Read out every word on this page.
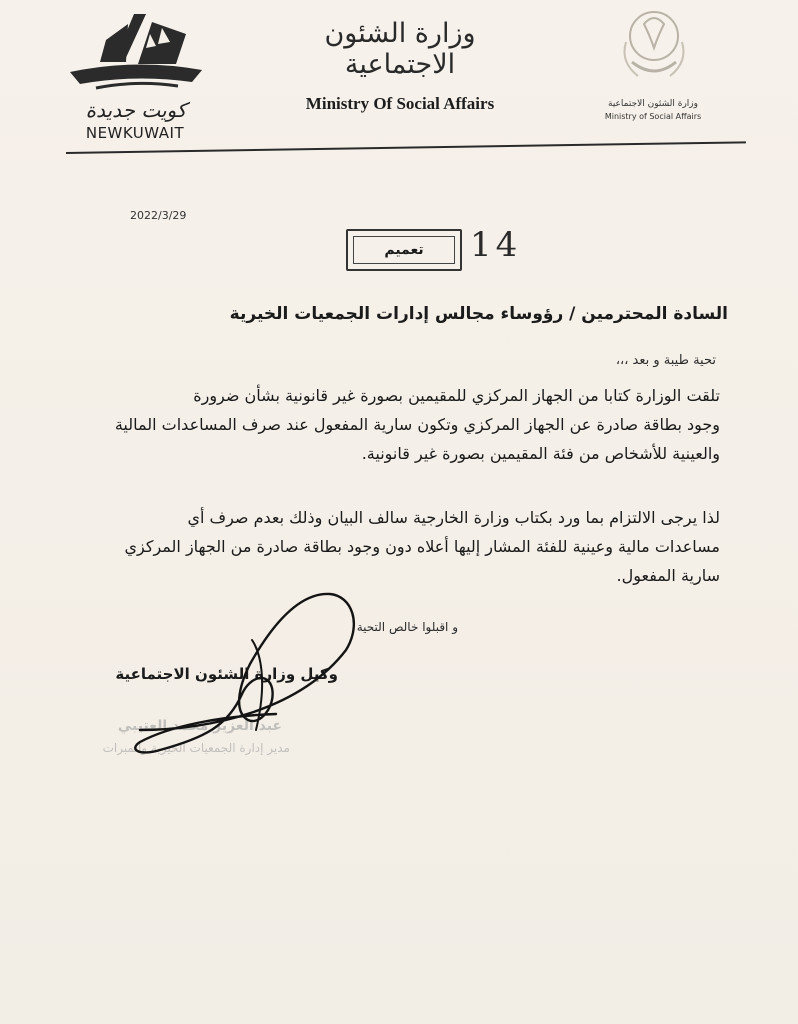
كويت جديدة
NEWKUWAIT
وزارة الشئون الاجتماعية
Ministry Of Social Affairs	وزارة الشئون الاجتماعية
Ministry of Social Affairs
2022/3/29
تعميم	14
السادة المحترمين / رؤوساء مجالس إدارات الجمعيات الخيرية
تحية طيبة و بعد ،،،
تلقت الوزارة كتابا من الجهاز المركزي للمقيمين بصورة غير قانونية بشأن ضرورة
وجود بطاقة صادرة عن الجهاز المركزي وتكون سارية المفعول عند صرف المساعدات المالية
والعينية للأشخاص من فئة المقيمين بصورة غير قانونية.
لذا يرجى الالتزام بما ورد بكتاب وزارة الخارجية سالف البيان وذلك بعدم صرف أي
مساعدات مالية وعينية للفئة المشار إليها أعلاه دون وجود بطاقة صادرة من الجهاز المركزي
سارية المفعول.
و اقبلوا خالص التحية
وكيل وزارة الشئون الاجتماعية
عبد العزيز محمد العتيبي
مدير إدارة الجمعيات الخيرية والمبرات
